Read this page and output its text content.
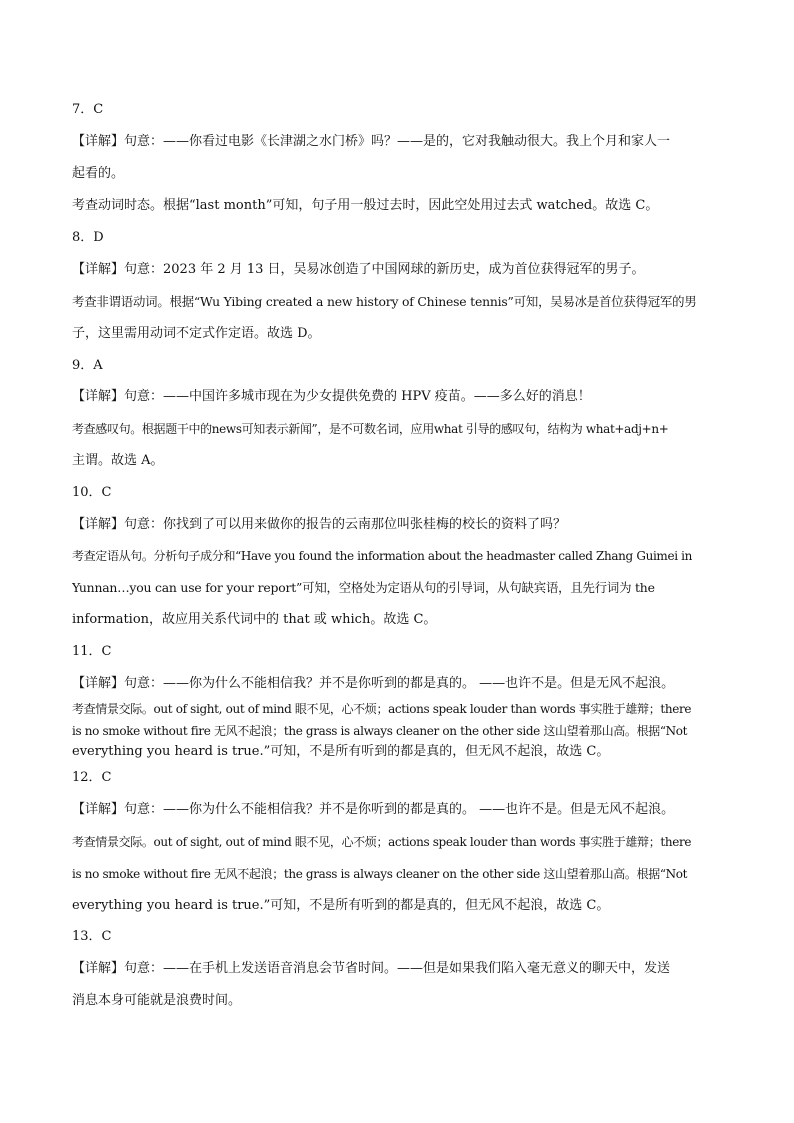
7．C
【详解】句意：——你看过电影《长津湖之水门桥》吗？——是的，它对我触动很大。我上个月和家人一
起看的。
考查动词时态。根据“last month”可知，句子用一般过去时，因此空处用过去式 watched。故选 C。
8．D
【详解】句意：2023 年 2 月 13 日，吴易冰创造了中国网球的新历史，成为首位获得冠军的男子。
考查非谓语动词。根据“Wu Yibing created a new history of Chinese tennis”可知，吴易冰是首位获得冠军的男
子，这里需用动词不定式作定语。故选 D。
9．A
【详解】句意：——中国许多城市现在为少女提供免费的 HPV 疫苗。——多么好的消息！
考查感叹句。根据题干中的news可知表示新闻”，是不可数名词，应用what 引导的感叹句，结构为 what+adj+n+
主谓。故选 A。
10．C
【详解】句意：你找到了可以用来做你的报告的云南那位叫张桂梅的校长的资料了吗？
考查定语从句。分析句子成分和“Have you found the information about the headmaster called Zhang Guimei in
Yunnan…you can use for your report”可知，空格处为定语从句的引导词，从句缺宾语，且先行词为 the
information，故应用关系代词中的 that 或 which。故选 C。
11．C
【详解】句意：——你为什么不能相信我？并不是你听到的都是真的。 ——也许不是。但是无风不起浪。
考查情景交际。out of sight, out of mind 眼不见，心不烦；actions speak louder than words 事实胜于雄辩；there
is no smoke without fire 无风不起浪；the grass is always cleaner on the other side 这山望着那山高。根据“Not
everything you heard is true.”可知，不是所有听到的都是真的，但无风不起浪，故选 C。
12．C
【详解】句意：——你为什么不能相信我？并不是你听到的都是真的。 ——也许不是。但是无风不起浪。
考查情景交际。out of sight, out of mind 眼不见，心不烦；actions speak louder than words 事实胜于雄辩；there
is no smoke without fire 无风不起浪；the grass is always cleaner on the other side 这山望着那山高。根据“Not
everything you heard is true.”可知，不是所有听到的都是真的，但无风不起浪，故选 C。
13．C
【详解】句意：——在手机上发送语音消息会节省时间。——但是如果我们陷入毫无意义的聊天中，发送
消息本身可能就是浪费时间。
